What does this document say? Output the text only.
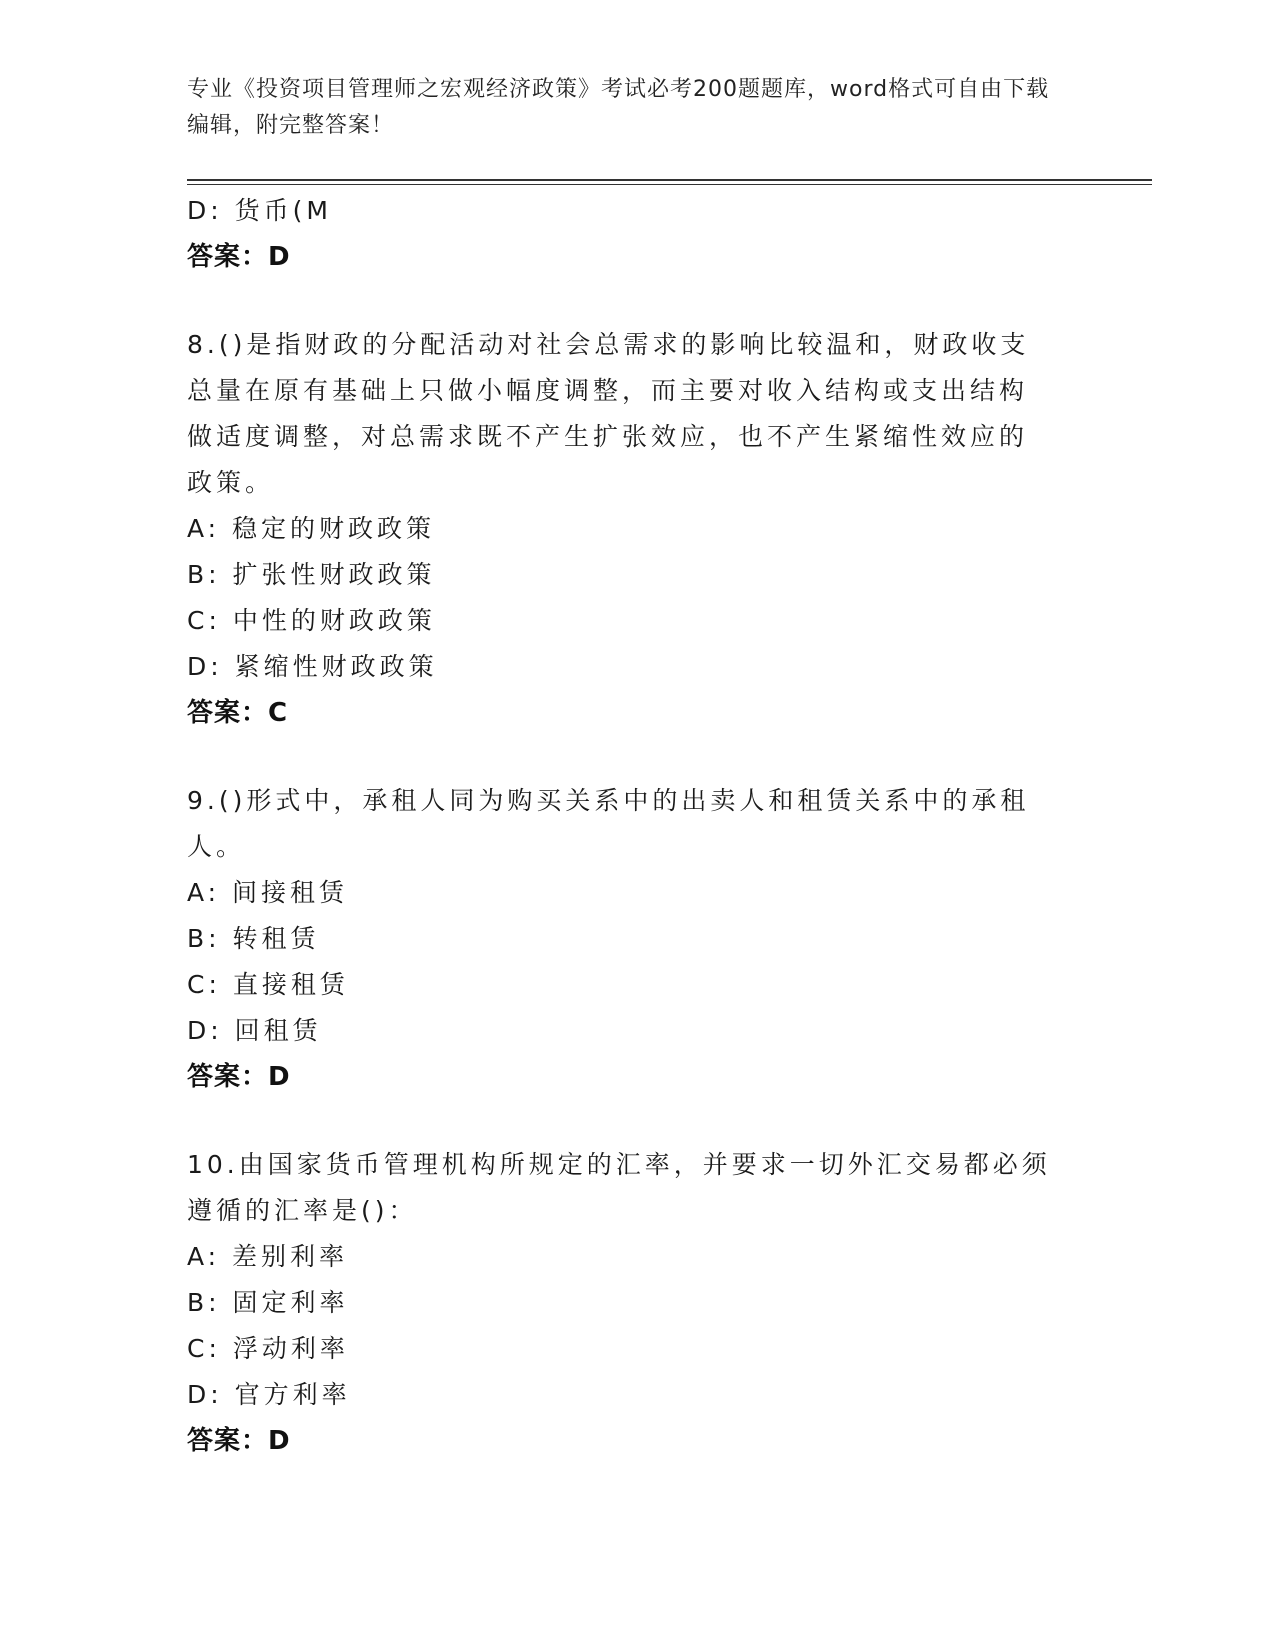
专业《投资项目管理师之宏观经济政策》考试必考200题题库，word格式可自由下载编辑，附完整答案！
D: 货币(M
答案：D
8.()是指财政的分配活动对社会总需求的影响比较温和，财政收支总量在原有基础上只做小幅度调整，而主要对收入结构或支出结构做适度调整，对总需求既不产生扩张效应，也不产生紧缩性效应的政策。
A: 稳定的财政政策
B: 扩张性财政政策
C: 中性的财政政策
D: 紧缩性财政政策
答案：C
9.()形式中，承租人同为购买关系中的出卖人和租赁关系中的承租人。
A: 间接租赁
B: 转租赁
C: 直接租赁
D: 回租赁
答案：D
10.由国家货币管理机构所规定的汇率，并要求一切外汇交易都必须遵循的汇率是()：
A: 差别利率
B: 固定利率
C: 浮动利率
D: 官方利率
答案：D
